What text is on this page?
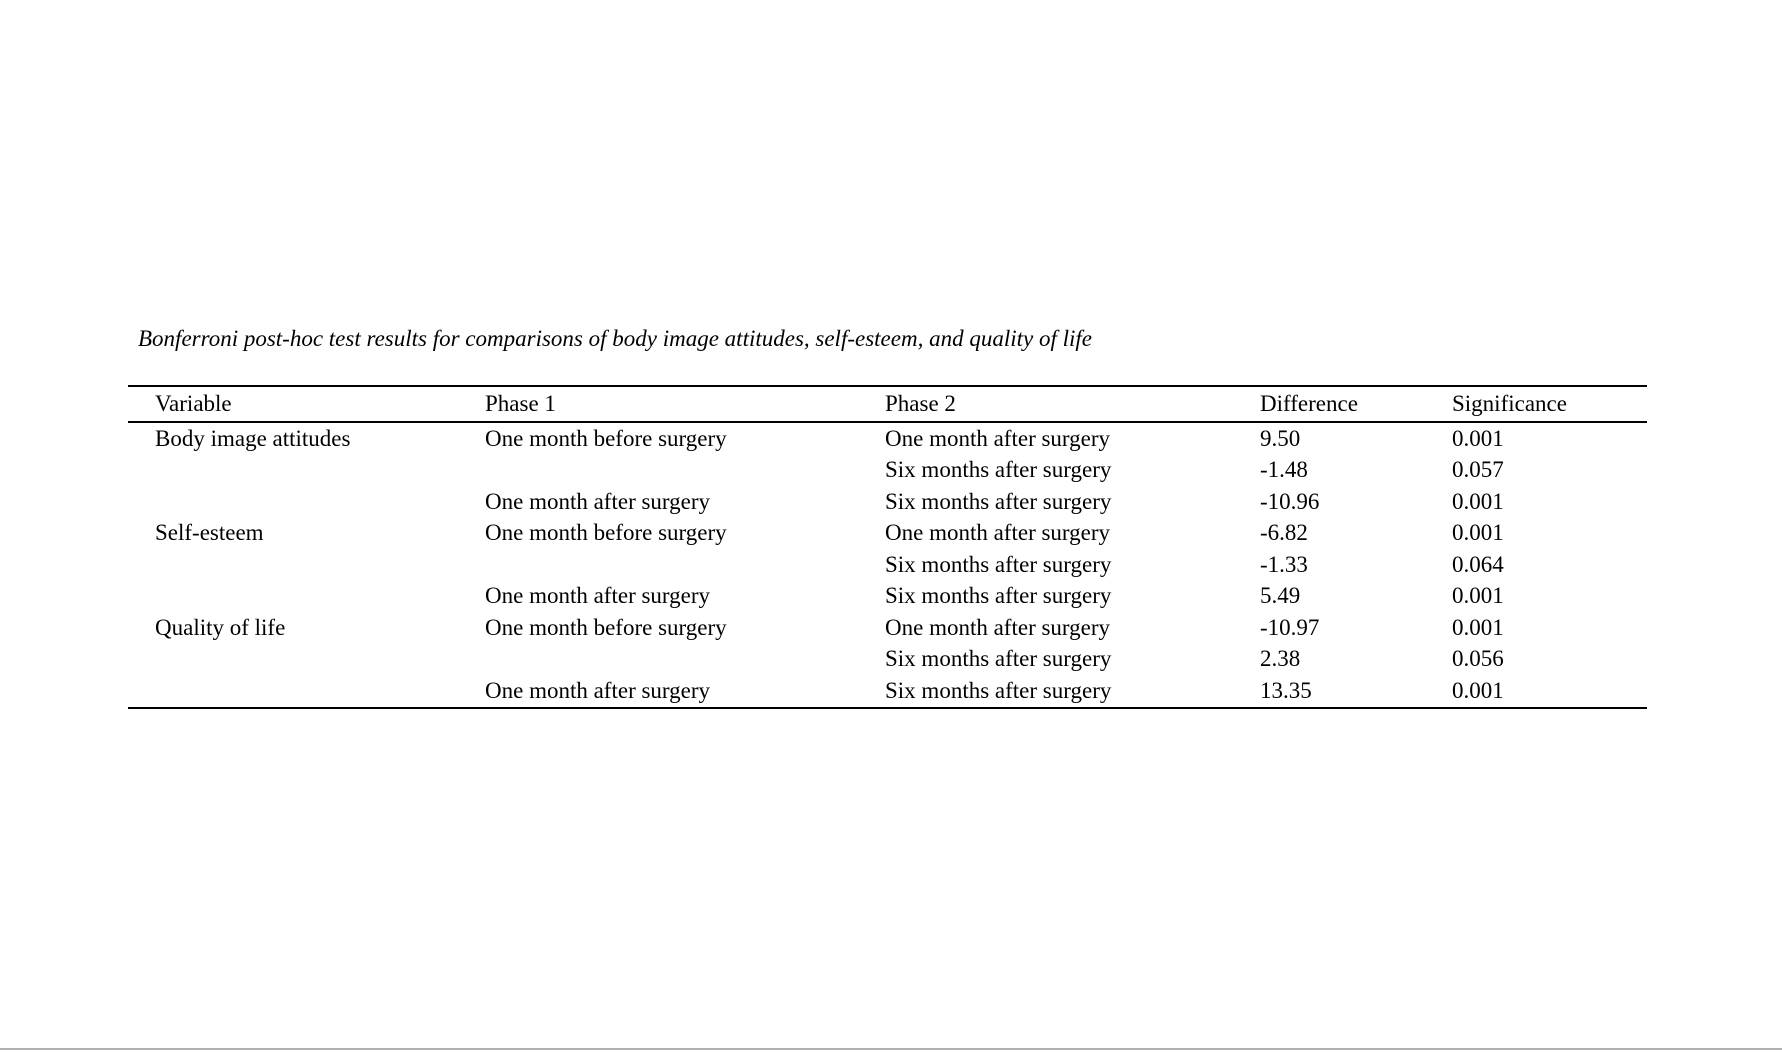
Bonferroni post-hoc test results for comparisons of body image attitudes, self-esteem, and quality of life
Variable	Phase 1	Phase 2	Difference	Significance
Body image attitudes	One month before surgery	One month after surgery	9.50	0.001
		Six months after surgery	-1.48	0.057
	One month after surgery	Six months after surgery	-10.96	0.001
Self-esteem	One month before surgery	One month after surgery	-6.82	0.001
		Six months after surgery	-1.33	0.064
	One month after surgery	Six months after surgery	5.49	0.001
Quality of life	One month before surgery	One month after surgery	-10.97	0.001
		Six months after surgery	2.38	0.056
	One month after surgery	Six months after surgery	13.35	0.001
